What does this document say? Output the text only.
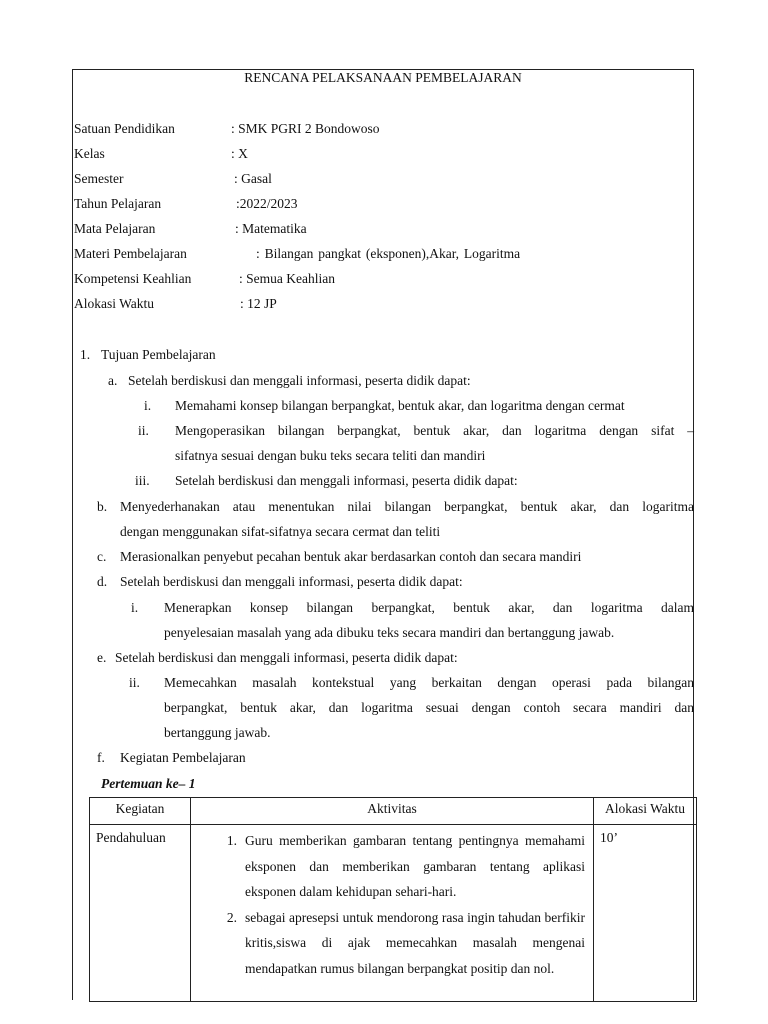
RENCANA PELAKSANAAN PEMBELAJARAN
Satuan Pendidikan	: SMK PGRI 2 Bondowoso
Kelas	: X
Semester	: Gasal
Tahun Pelajaran	:2022/2023
Mata Pelajaran	: Matematika
Materi Pembelajaran	: Bilangan pangkat (eksponen),Akar, Logaritma
Kompetensi Keahlian	: Semua Keahlian
Alokasi Waktu	: 12 JP
1. Tujuan Pembelajaran
a. Setelah berdiskusi dan menggali informasi, peserta didik dapat:
i. Memahami konsep bilangan berpangkat, bentuk akar, dan logaritma dengan cermat
ii. Mengoperasikan bilangan berpangkat, bentuk akar, dan logaritma dengan sifat –
sifatnya sesuai dengan buku teks secara teliti dan mandiri
iii. Setelah berdiskusi dan menggali informasi, peserta didik dapat:
b. Menyederhanakan atau menentukan nilai bilangan berpangkat, bentuk akar, dan logaritma
dengan menggunakan sifat-sifatnya secara cermat dan teliti
c. Merasionalkan penyebut pecahan bentuk akar berdasarkan contoh dan secara mandiri
d. Setelah berdiskusi dan menggali informasi, peserta didik dapat:
i. Menerapkan konsep bilangan berpangkat, bentuk akar, dan logaritma dalam
penyelesaian masalah yang ada dibuku teks secara mandiri dan bertanggung jawab.
e. Setelah berdiskusi dan menggali informasi, peserta didik dapat:
ii. Memecahkan masalah kontekstual yang berkaitan dengan operasi pada bilangan
berpangkat, bentuk akar, dan logaritma sesuai dengan contoh secara mandiri dan
bertanggung jawab.
f. Kegiatan Pembelajaran
Pertemuan ke– 1
Kegiatan	Aktivitas	Alokasi Waktu

Pendahuluan	1. Guru memberikan gambaran tentang pentingnya memahami eksponen dan memberikan gambaran tentang aplikasi eksponen dalam kehidupan sehari-hari.
2. sebagai apresepsi untuk mendorong rasa ingin tahudan berfikir kritis,siswa di ajak memecahkan masalah mengenai mendapatkan rumus bilangan berpangkat positip dan nol.	10’
